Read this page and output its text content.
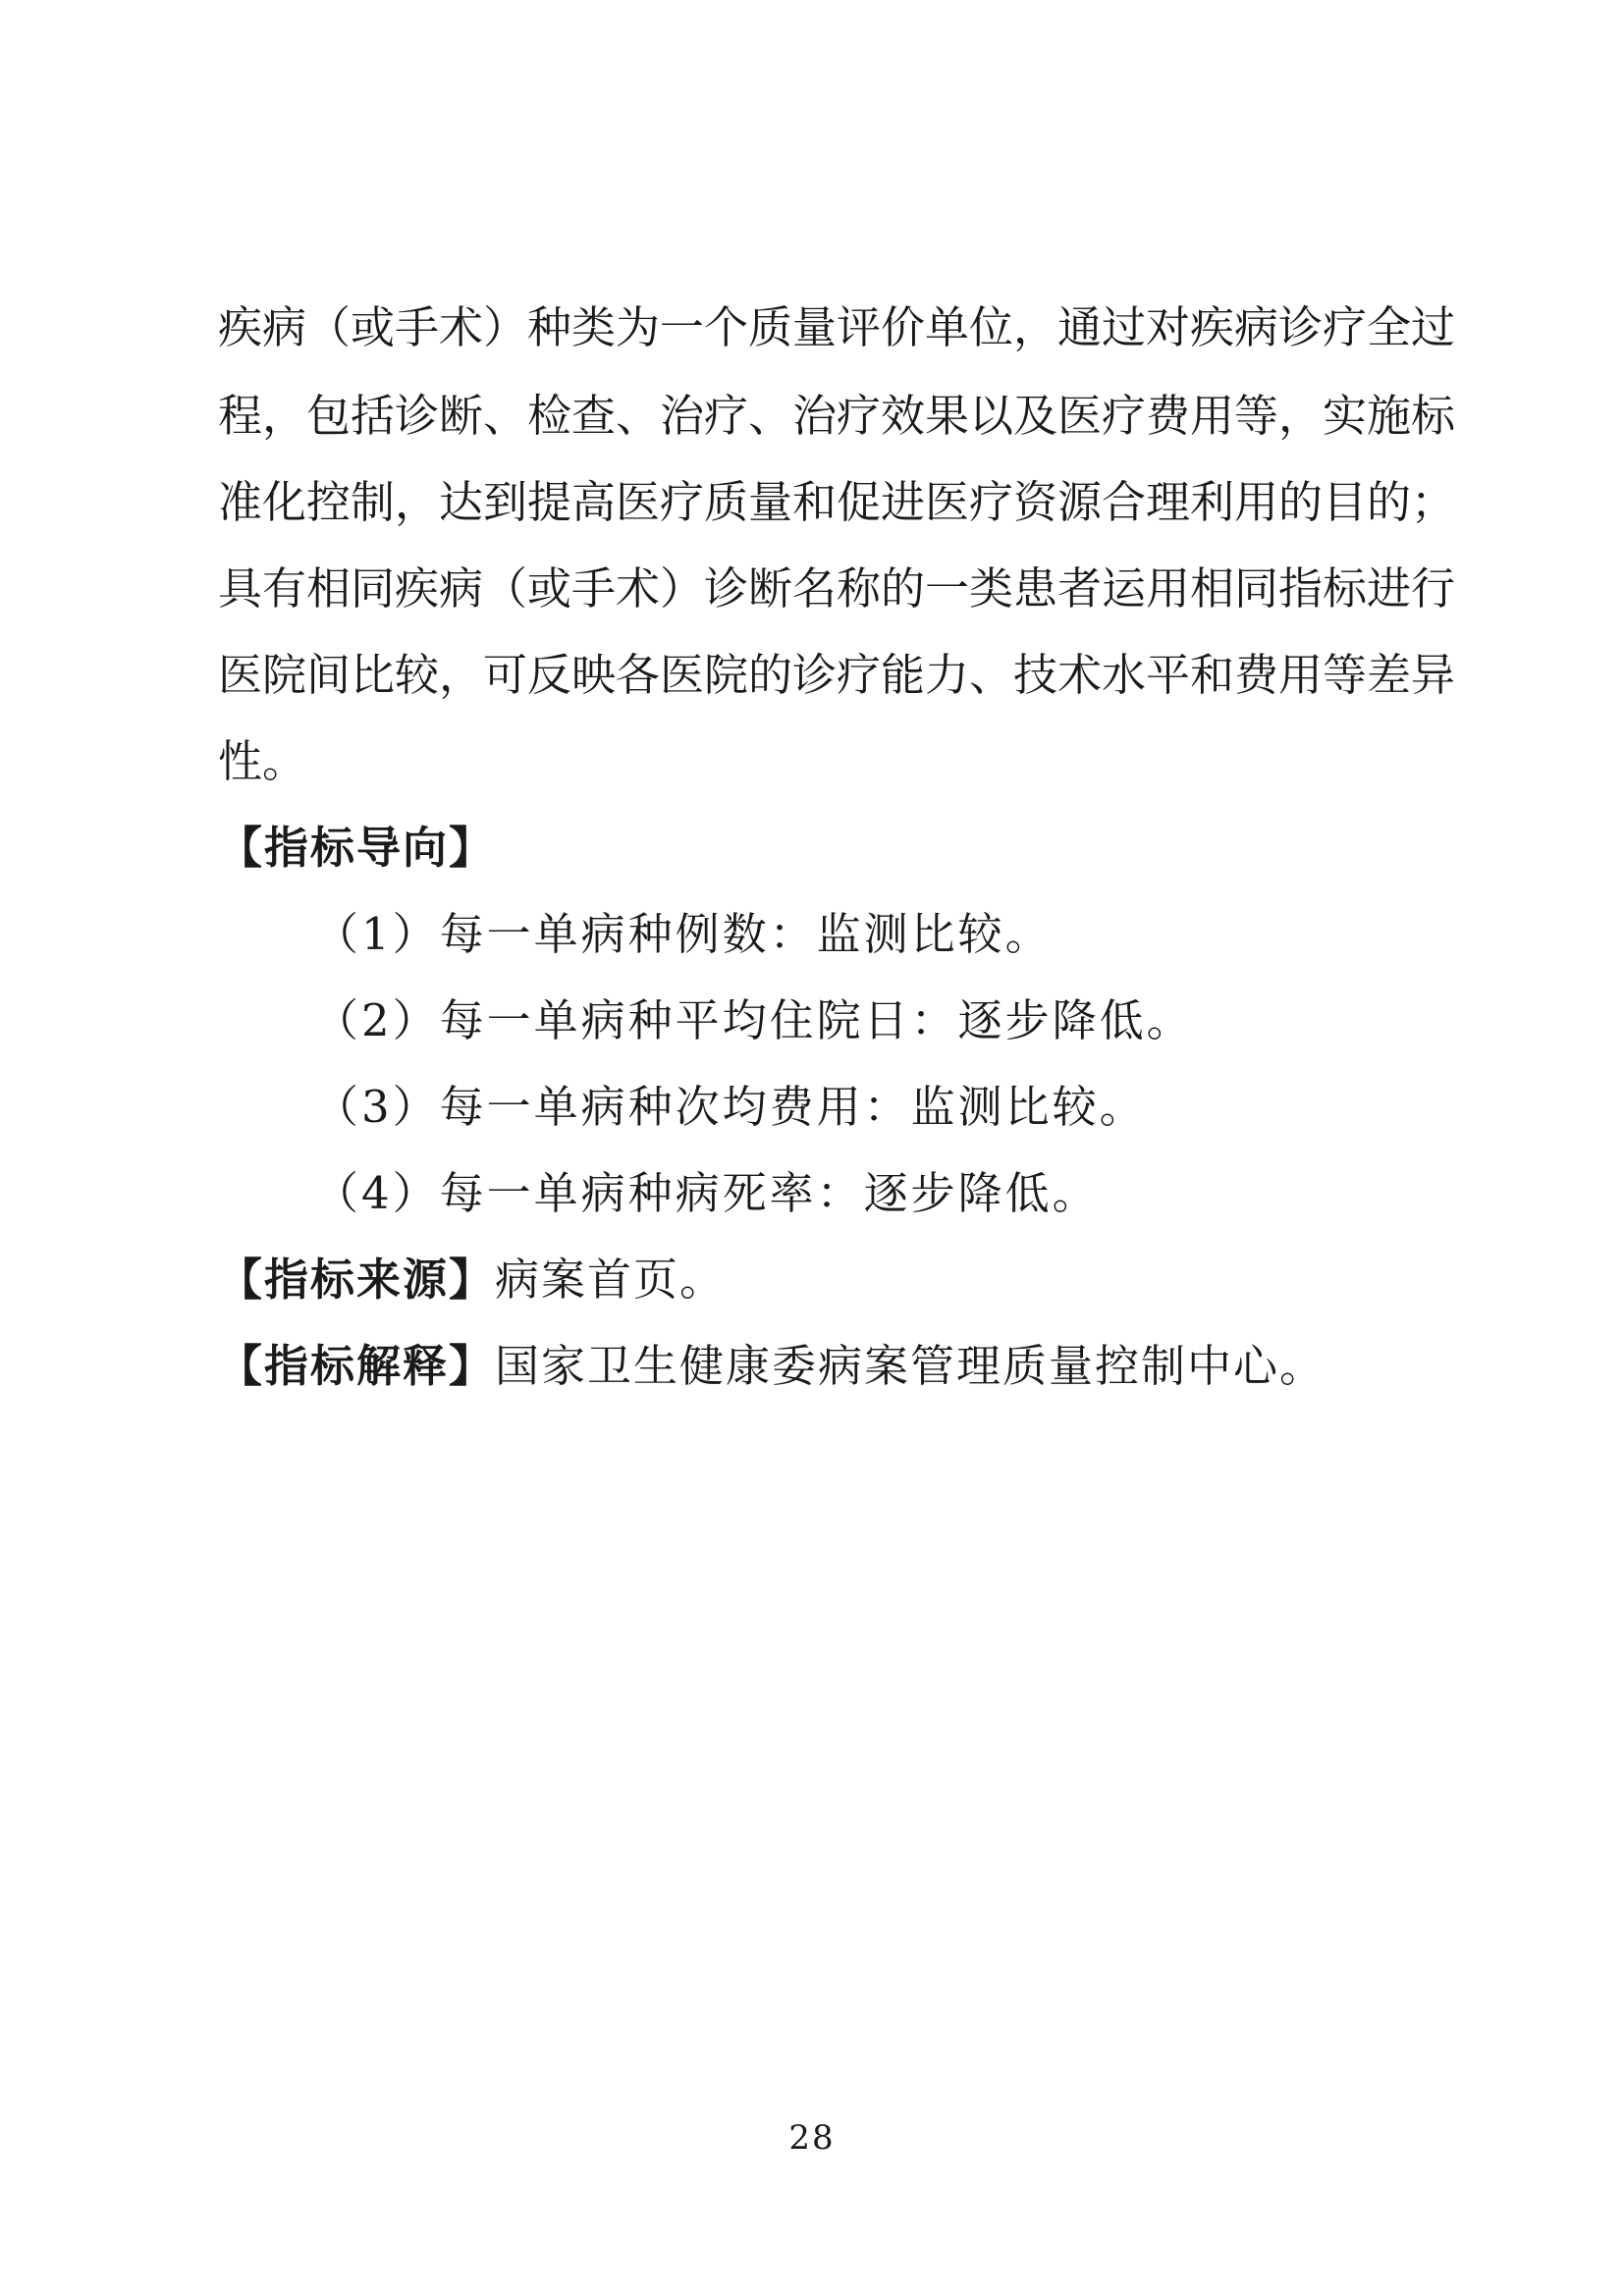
疾病（或手术）种类为一个质量评价单位，通过对疾病诊疗全过
程，包括诊断、检查、治疗、治疗效果以及医疗费用等，实施标
准化控制，达到提高医疗质量和促进医疗资源合理利用的目的；
具有相同疾病（或手术）诊断名称的一类患者运用相同指标进行
医院间比较，可反映各医院的诊疗能力、技术水平和费用等差异
性。
【指标导向】
（1）每一单病种例数：监测比较。
（2）每一单病种平均住院日：逐步降低。
（3）每一单病种次均费用：监测比较。
（4）每一单病种病死率：逐步降低。
【指标来源】病案首页。
【指标解释】国家卫生健康委病案管理质量控制中心。
28
